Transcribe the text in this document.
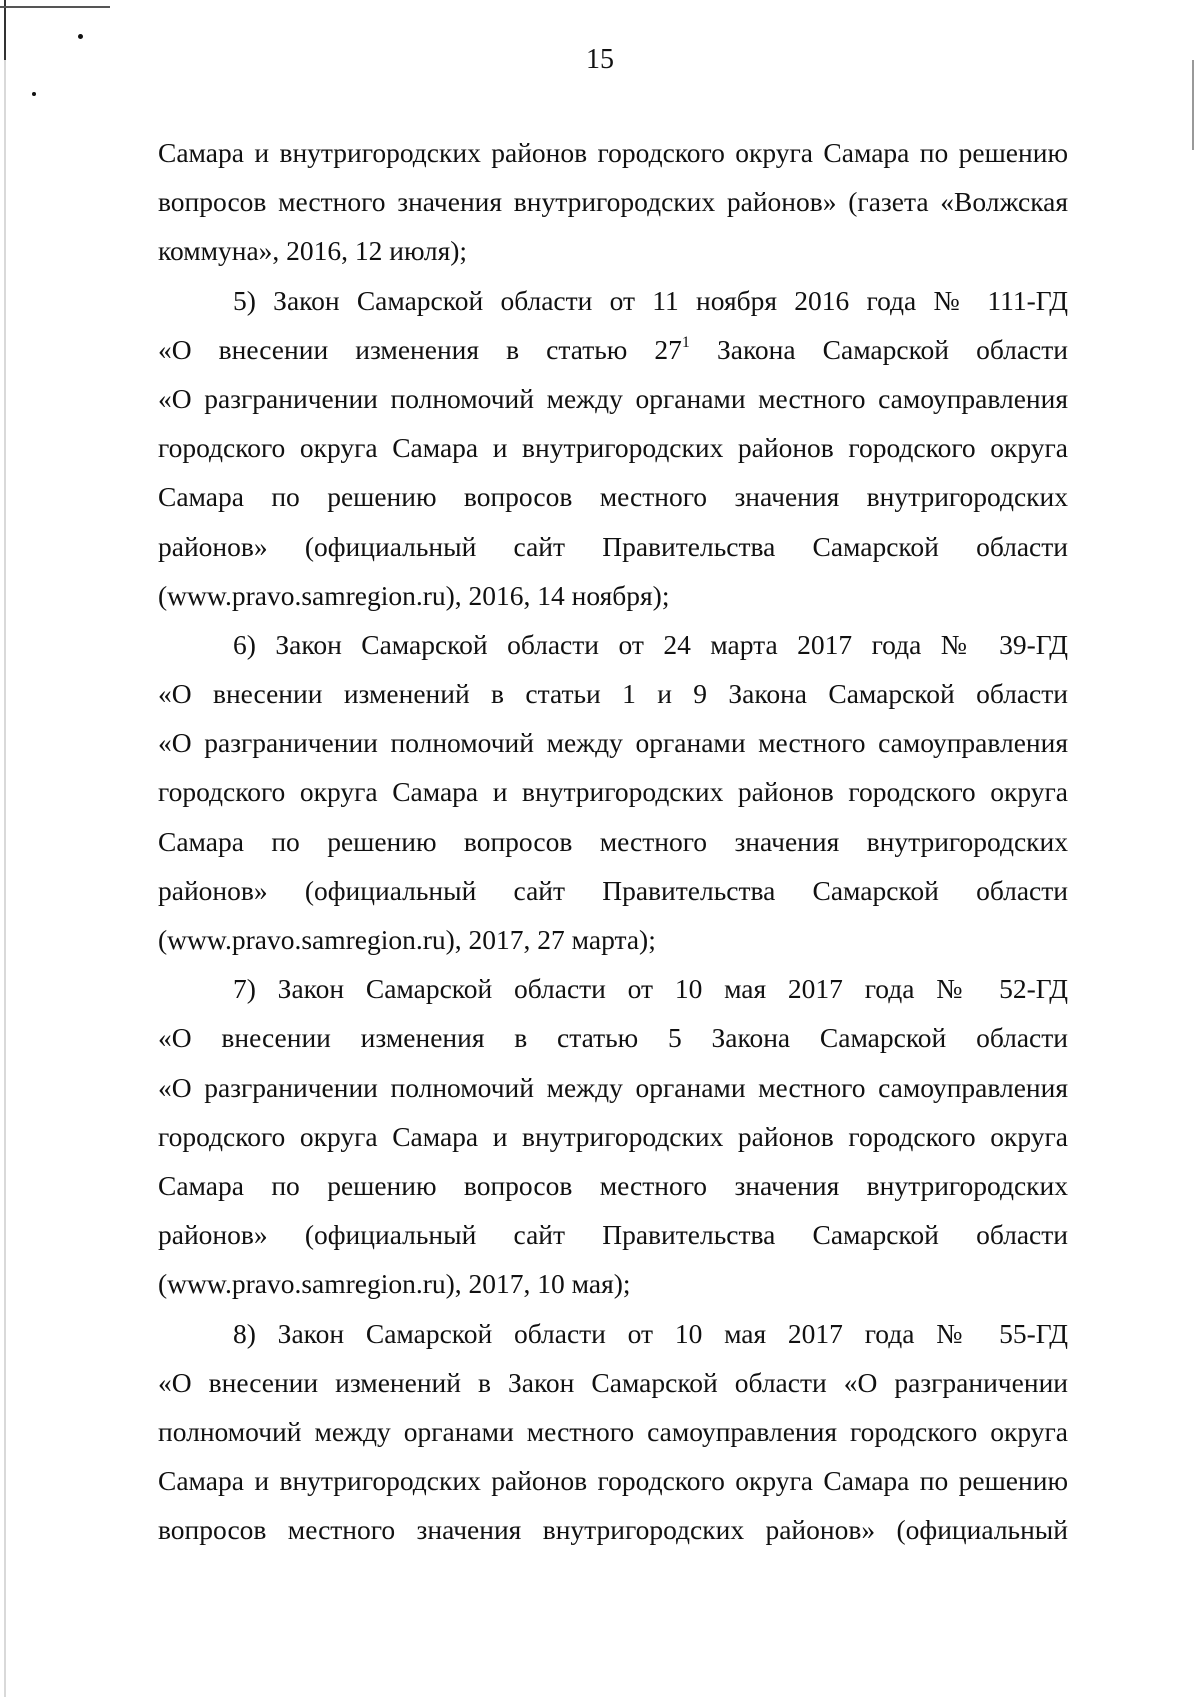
15
Самара и внутригородских районов городского округа Самара по решению
вопросов местного значения внутригородских районов» (газета «Волжская
коммуна», 2016, 12 июля);
5) Закон Самарской области от 11 ноября 2016 года № 111-ГД
«О внесении изменения в статью $27^1$ Закона Самарской области
«О разграничении полномочий между органами местного самоуправления
городского округа Самара и внутригородских районов городского округа
Самара по решению вопросов местного значения внутригородских
районов» (официальный сайт Правительства Самарской области
(www.pravo.samregion.ru), 2016, 14 ноября);
6) Закон Самарской области от 24 марта 2017 года № 39-ГД
«О внесении изменений в статьи 1 и 9 Закона Самарской области
«О разграничении полномочий между органами местного самоуправления
городского округа Самара и внутригородских районов городского округа
Самара по решению вопросов местного значения внутригородских
районов» (официальный сайт Правительства Самарской области
(www.pravo.samregion.ru), 2017, 27 марта);
7) Закон Самарской области от 10 мая 2017 года № 52-ГД
«О внесении изменения в статью 5 Закона Самарской области
«О разграничении полномочий между органами местного самоуправления
городского округа Самара и внутригородских районов городского округа
Самара по решению вопросов местного значения внутригородских
районов» (официальный сайт Правительства Самарской области
(www.pravo.samregion.ru), 2017, 10 мая);
8) Закон Самарской области от 10 мая 2017 года № 55-ГД
«О внесении изменений в Закон Самарской области «О разграничении
полномочий между органами местного самоуправления городского округа
Самара и внутригородских районов городского округа Самара по решению
вопросов местного значения внутригородских районов» (официальный
